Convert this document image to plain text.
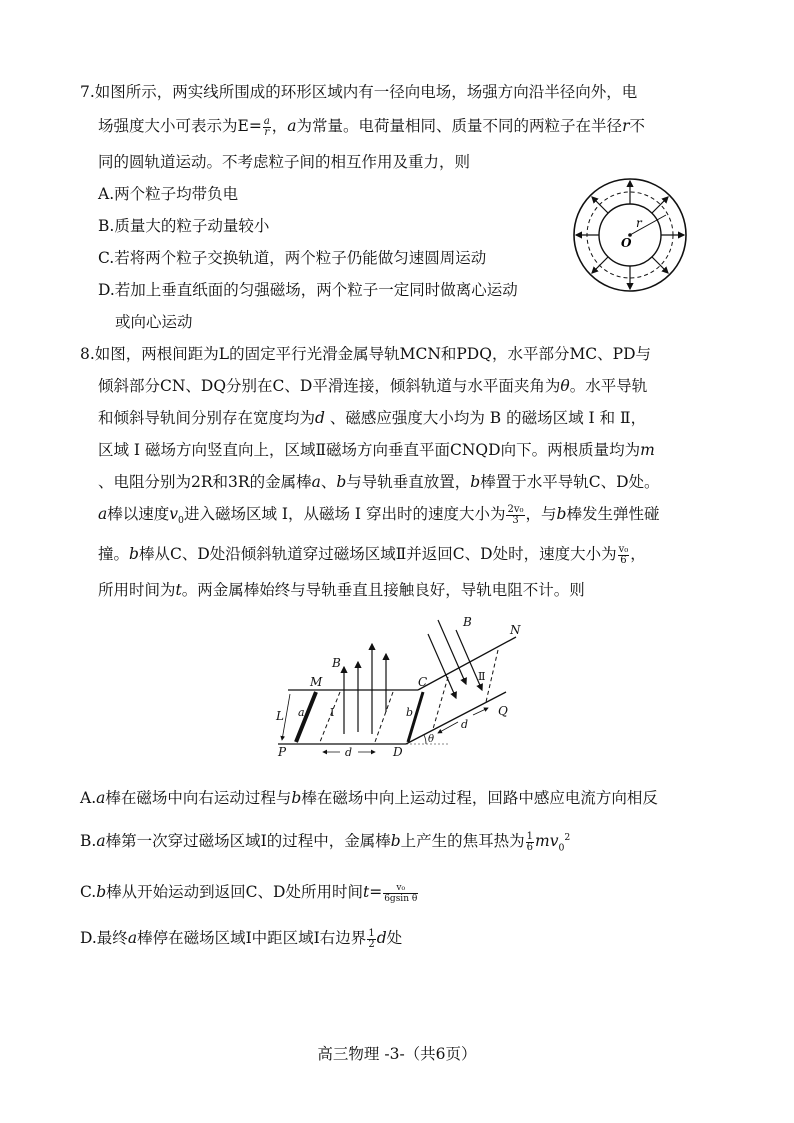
7.如图所示，两实线所围成的环形区域内有一径向电场，场强方向沿半径向外，电
场强度大小可表示为$E= \frac{a}{r}$ ，a为常量。电荷量相同、质量不同的两粒子在半径r不
同的圆轨道运动。不考虑粒子间的相互作用及重力，则
A.两个粒子均带负电
B.质量大的粒子动量较小
C.若将两个粒子交换轨道，两个粒子仍能做匀速圆周运动
D.若加上垂直纸面的匀强磁场，两个粒子一定同时做离心运动
或向心运动
r
O
8.如图，两根间距为L的固定平行光滑金属导轨MCN和PDQ，水平部分MC、PD与
倾斜部分CN、DQ分别在C、D平滑连接，倾斜轨道与水平面夹角为θ。水平导轨
和倾斜导轨间分别存在宽度均为d 、磁感应强度大小均为 B 的磁场区域 I 和 Ⅱ，
区域 I 磁场方向竖直向上，区域Ⅱ磁场方向垂直平面CNQD向下。两根质量均为m
、电阻分别为2R和3R的金属棒a、b与导轨垂直放置，b棒置于水平导轨C、D处。
a棒以速度$v_0$进入磁场区域 I，从磁场 I 穿出时的速度大小为 $\frac{\text{2v₀}}{3}$ ，与b棒发生弹性碰
撞。b棒从C、D处沿倾斜轨道穿过磁场区域Ⅱ并返回C、D处时，速度大小为 $\frac{\text{v₀}}{6}$ ，
所用时间为t。两金属棒始终与导轨垂直且接触良好，导轨电阻不计。则
M	C
N
P	D
Q
B
B
L a	b
I
Ⅱ
d
d
θ
A.a棒在磁场中向右运动过程与b棒在磁场中向上运动过程，回路中感应电流方向相反
B.a棒第一次穿过磁场区域I的过程中，金属棒b上产生的焦耳热为 $\frac{1}{6} mv_0^2$
C.b棒从开始运动到返回C、D处所用时间$t= \frac{\text{v₀}}{\text{6gsin θ}}$
D.最终a棒停在磁场区域I中距区域I右边界 $\frac{1}{2}$ d处
高三物理 -3-（共6页）
